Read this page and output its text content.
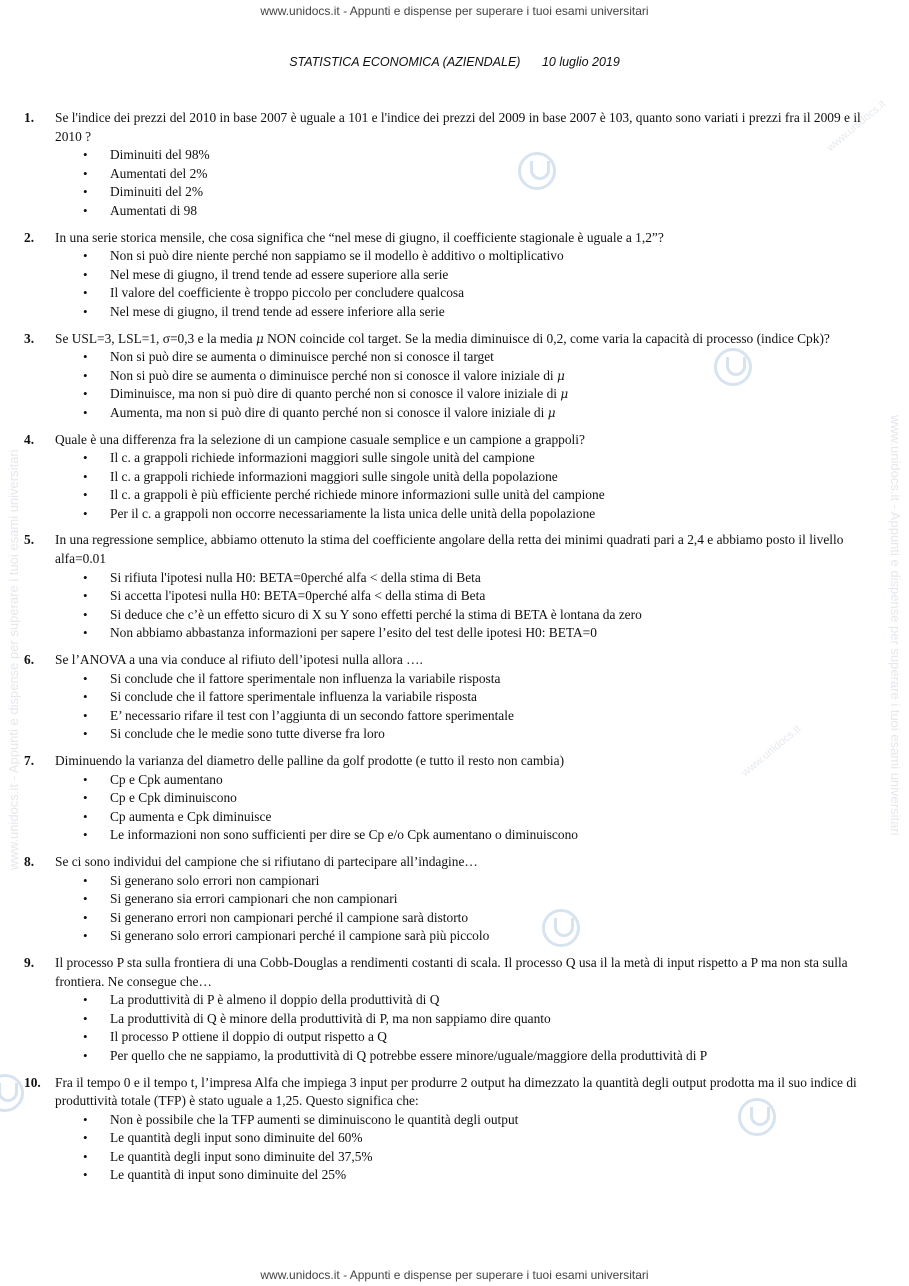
www.unidocs.it - Appunti e dispense per superare i tuoi esami universitari
www.unidocs.it - Appunti e dispense per superare i tuoi esami universitari
www.unidocs.it - Appunti e dispense per superare i tuoi esami universitari	www.unidocs.it - Appunti e dispense per superare i tuoi esami universitari
www.unidocs.it
www.unidocs.it
STATISTICA ECONOMICA (AZIENDALE) 10 luglio 2019
1. Se l'indice dei prezzi del 2010 in base 2007 è uguale a 101 e l'indice dei prezzi del 2009 in base 2007 è 103, quanto sono variati i prezzi fra il 2009 e il 2010 ?
• Diminuiti del 98%
• Aumentati del 2%
• Diminuiti del 2%
• Aumentati di 98
2. In una serie storica mensile, che cosa significa che “nel mese di giugno, il coefficiente stagionale è uguale a 1,2”?
• Non si può dire niente perché non sappiamo se il modello è additivo o moltiplicativo
• Nel mese di giugno, il trend tende ad essere superiore alla serie
• Il valore del coefficiente è troppo piccolo per concludere qualcosa
• Nel mese di giugno, il trend tende ad essere inferiore alla serie
3. Se USL=3, LSL=1, σ=0,3 e la media μ NON coincide col target. Se la media diminuisce di 0,2, come varia la capacità di processo (indice Cpk)?
• Non si può dire se aumenta o diminuisce perché non si conosce il target
• Non si può dire se aumenta o diminuisce perché non si conosce il valore iniziale di μ
• Diminuisce, ma non si può dire di quanto perché non si conosce il valore iniziale di μ
• Aumenta, ma non si può dire di quanto perché non si conosce il valore iniziale di μ
4. Quale è una differenza fra la selezione di un campione casuale semplice e un campione a grappoli?
• Il c. a grappoli richiede informazioni maggiori sulle singole unità del campione
• Il c. a grappoli richiede informazioni maggiori sulle singole unità della popolazione
• Il c. a grappoli è più efficiente perché richiede minore informazioni sulle unità del campione
• Per il c. a grappoli non occorre necessariamente la lista unica delle unità della popolazione
5. In una regressione semplice, abbiamo ottenuto la stima del coefficiente angolare della retta dei minimi quadrati pari a 2,4 e abbiamo posto il livello alfa=0.01
• Si rifiuta l'ipotesi nulla H0: BETA=0perché alfa < della stima di Beta
• Si accetta l'ipotesi nulla H0: BETA=0perché alfa < della stima di Beta
• Si deduce che c’è un effetto sicuro di X su Y sono effetti perché la stima di BETA è lontana da zero
• Non abbiamo abbastanza informazioni per sapere l’esito del test delle ipotesi H0: BETA=0
6. Se l’ANOVA a una via conduce al rifiuto dell’ipotesi nulla allora ….
• Si conclude che il fattore sperimentale non influenza la variabile risposta
• Si conclude che il fattore sperimentale influenza la variabile risposta
• E’ necessario rifare il test con l’aggiunta di un secondo fattore sperimentale
• Si conclude che le medie sono tutte diverse fra loro
7. Diminuendo la varianza del diametro delle palline da golf prodotte (e tutto il resto non cambia)
• Cp e Cpk aumentano
• Cp e Cpk diminuiscono
• Cp aumenta e Cpk diminuisce
• Le informazioni non sono sufficienti per dire se Cp e/o Cpk aumentano o diminuiscono
8. Se ci sono individui del campione che si rifiutano di partecipare all’indagine…
• Si generano solo errori non campionari
• Si generano sia errori campionari che non campionari
• Si generano errori non campionari perché il campione sarà distorto
• Si generano solo errori campionari perché il campione sarà più piccolo
9. Il processo P sta sulla frontiera di una Cobb-Douglas a rendimenti costanti di scala. Il processo Q usa il la metà di input rispetto a P ma non sta sulla frontiera. Ne consegue che…
• La produttività di P è almeno il doppio della produttività di Q
• La produttività di Q è minore della produttività di P, ma non sappiamo dire quanto
• Il processo P ottiene il doppio di output rispetto a Q
• Per quello che ne sappiamo, la produttività di Q potrebbe essere minore/uguale/maggiore della produttività di P
10. Fra il tempo 0 e il tempo t, l’impresa Alfa che impiega 3 input per produrre 2 output ha dimezzato la quantità degli output prodotta ma il suo indice di produttività totale (TFP) è stato uguale a 1,25. Questo significa che:
• Non è possibile che la TFP aumenti se diminuiscono le quantità degli output
• Le quantità degli input sono diminuite del 60%
• Le quantità degli input sono diminuite del 37,5%
• Le quantità di input sono diminuite del 25%
